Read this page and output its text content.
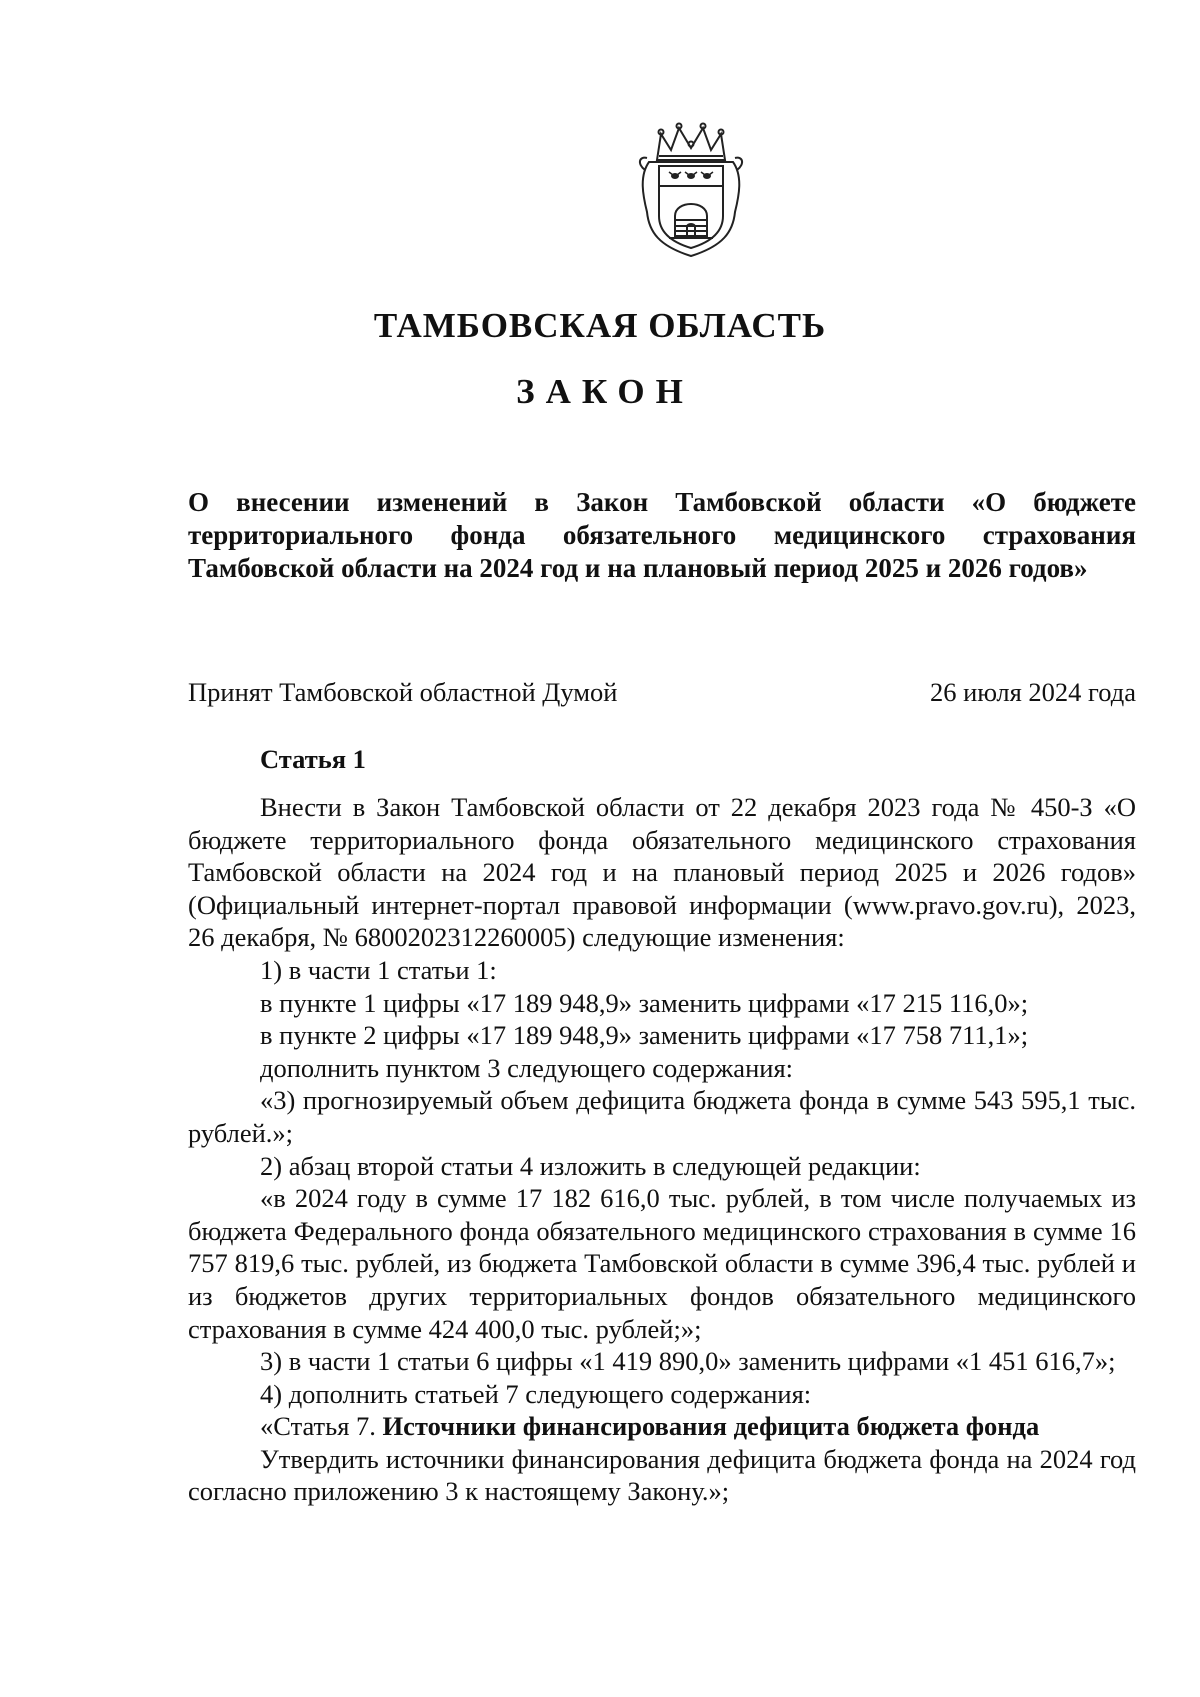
ТАМБОВСКАЯ ОБЛАСТЬ
ЗАКОН

О внесении изменений в Закон Тамбовской области «О бюджете территориального фонда обязательного медицинского страхования Тамбовской области на 2024 год и на плановый период 2025 и 2026 годов»

Принят Тамбовской областной Думой	26 июля 2024 года
Статья 1

Внести в Закон Тамбовской области от 22 декабря 2023 года № 450-З «О бюджете территориального фонда обязательного медицинского страхования Тамбовской области на 2024 год и на плановый период 2025 и 2026 годов» (Официальный интернет-портал правовой информации (www.pravo.gov.ru), 2023, 26 декабря, № 6800202312260005) следующие изменения:

1) в части 1 статьи 1:

в пункте 1 цифры «17 189 948,9» заменить цифрами «17 215 116,0»;

в пункте 2 цифры «17 189 948,9» заменить цифрами «17 758 711,1»;

дополнить пунктом 3 следующего содержания:

«3) прогнозируемый объем дефицита бюджета фонда в сумме 543 595,1 тыс. рублей.»;

2) абзац второй статьи 4 изложить в следующей редакции:

«в 2024 году в сумме 17 182 616,0 тыс. рублей, в том числе получаемых из бюджета Федерального фонда обязательного медицинского страхования в сумме 16 757 819,6 тыс. рублей, из бюджета Тамбовской области в сумме 396,4 тыс. рублей и из бюджетов других территориальных фондов обязательного медицинского страхования в сумме 424 400,0 тыс. рублей;»;

3) в части 1 статьи 6 цифры «1 419 890,0» заменить цифрами «1 451 616,7»;

4) дополнить статьей 7 следующего содержания:

«Статья 7. Источники финансирования дефицита бюджета фонда

Утвердить источники финансирования дефицита бюджета фонда на 2024 год согласно приложению 3 к настоящему Закону.»;
